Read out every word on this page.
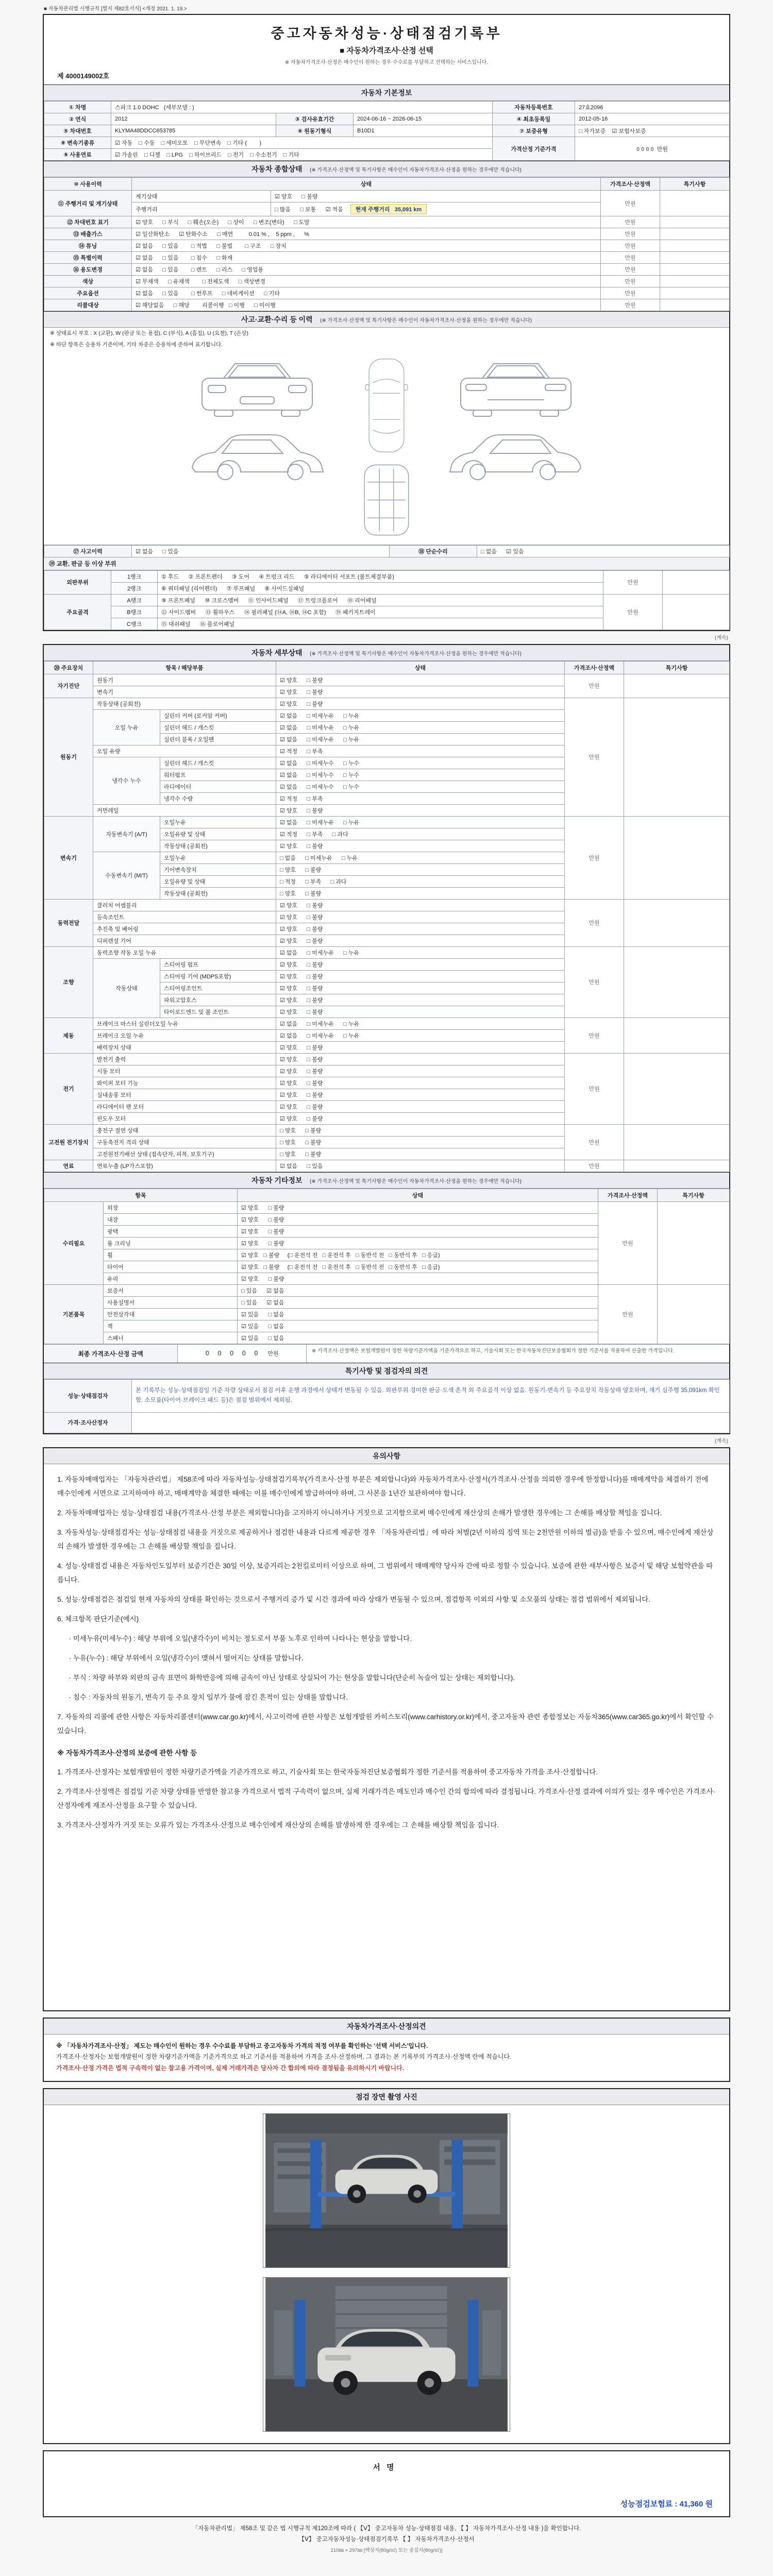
■ 자동차관리법 시행규칙 [별지 제82호서식] <개정 2021. 1. 19.>
중고자동차성능·상태점검기록부
■ 자동차가격조사·산정 선택
※ 자동차가격조사·산정은 매수인이 원하는 경우 수수료를 부담하고 선택하는 서비스입니다.
제 4000149002호
자동차 기본정보
① 차명	스파크 1.0 DOHC   (세부모델 : )			자동차등록번호	27효2096
② 연식	2012	③ 검사유효기간	2024-06-16 ~ 2026-06-15	④ 최초등록일	2012-05-16
⑤ 차대번호	KLYMA48DDCC653785	⑥ 원동기형식	B10D1	⑦ 보증유형	□ 자가보증    ☑ 보험사보증
⑧ 변속기종류	☑ 자동    □ 수동    □ 세미오토    □ 무단변속    □ 기타 (        )			가격산정 기준가격	0 0 0 0  만원
⑨ 사용연료	☑ 가솔린    □ 디젤    □ LPG    □ 하이브리드    □ 전기    □ 수소전기    □ 기타				
자동차 종합상태 (※ 가격조사·산정액 및 특기사항은 매수인이 자동차가격조사·산정을 원하는 경우에만 적습니다)
⑩ 사용이력	상태		가격조사·산정액	특기사항
⑪ 주행거리 및 계기상태	계기상태	☑ 양호      □ 불량	만원	
	주행거리	□ 많음      □ 보통      ☑ 적음 현재 주행거리   35,091 km		
⑫ 차대번호 표기	☑ 양호      □ 부식      □ 훼손(오손)      □ 상이      □ 변조(변타)      □ 도말		만원	
⑬ 배출가스	☑ 일산화탄소      ☑ 탄화수소      □ 매연          0.01 % ,    5 ppm ,      %		만원	
⑭ 튜닝	☑ 없음      □ 있음        □ 적법      □ 불법        □ 구조      □ 장치		만원	
⑮ 특별이력	☑ 없음      □ 있음        □ 침수      □ 화재		만원	
⑯ 용도변경	☑ 없음      □ 있음        □ 렌트      □ 리스      □ 영업용		만원	
색상	☑ 무채색      □ 유채색        □ 전체도색      □ 색상변경		만원	
주요옵션	☑ 없음      □ 있음        □ 썬루프      □ 네비게이션      □ 기타		만원	
리콜대상	☑ 해당없음      □ 해당        리콜이행   □ 이행      □ 미이행		만원	
사고·교환·수리 등 이력 (※ 가격조사·산정액 및 특기사항은 매수인이 자동차가격조사·산정을 원하는 경우에만 적습니다)
※ 상태표시 부호 : X (교환), W (판금 또는 용접), C (부식), A (흠집), U (요철), T (손상)
※ 하단 항목은 승용차 기준이며, 기타 차종은 승용차에 준하여 표기합니다.
⑰ 사고이력	☑ 없음      □ 있음	⑱ 단순수리	□ 없음      ☑ 있음
⑲ 교환, 판금 등 이상 부위
외판부위	1랭크	① 후드      ② 프론트펜더      ③ 도어      ④ 트렁크 리드      ⑤ 라디에이터 서포트 (볼트체결부품)	만원	
	2랭크	⑥ 쿼터패널 (리어펜더)      ⑦ 루프패널      ⑧ 사이드실패널		
주요골격	A랭크	⑨ 프론트패널      ⑩ 크로스멤버      ⑪ 인사이드패널      ⑰ 트렁크플로어      ⑱ 리어패널	만원	
	B랭크	⑫ 사이드멤버      ⑬ 휠하우스      ⑭ 필러패널 (⑭A, ⑭B, ⑭C 포함)      ⑲ 패키지트레이		
	C랭크	⑮ 대쉬패널      ⑯ 플로어패널		
(계속)
자동차 세부상태 (※ 가격조사·산정액 및 특기사항은 매수인이 자동차가격조사·산정을 원하는 경우에만 적습니다)
⑳ 주요장치	항목 / 해당부품		상태	가격조사·산정액	특기사항
자기진단	원동기		☑ 양호      □ 불량	만원	
	변속기		☑ 양호      □ 불량		
원동기	작동상태 (공회전)		☑ 양호      □ 불량	만원	
	오일 누유	실린더 커버 (로커암 커버)	☑ 없음      □ 미세누유      □ 누유		
		실린더 헤드 / 개스킷	☑ 없음      □ 미세누유      □ 누유		
		실린더 블록 / 오일팬	☑ 없음      □ 미세누유      □ 누유		
	오일 유량		☑ 적정      □ 부족		
	냉각수 누수	실린더 헤드 / 개스킷	☑ 없음      □ 미세누수      □ 누수		
		워터펌프	☑ 없음      □ 미세누수      □ 누수		
		라디에이터	☑ 없음      □ 미세누수      □ 누수		
		냉각수 수량	☑ 적정      □ 부족		
	커먼레일		☑ 양호      □ 불량		
변속기	자동변속기 (A/T)	오일누유	☑ 없음      □ 미세누유      □ 누유	만원	
		오일유량 및 상태	☑ 적정      □ 부족      □ 과다		
		작동상태 (공회전)	☑ 양호      □ 불량		
	수동변속기 (M/T)	오일누유	□ 없음      □ 미세누유      □ 누유		
		기어변속장치	□ 양호      □ 불량		
		오일유량 및 상태	□ 적정      □ 부족      □ 과다		
		작동상태 (공회전)	□ 양호      □ 불량		
동력전달	클러치 어셈블리		☑ 양호      □ 불량	만원	
	등속조인트		☑ 양호      □ 불량		
	추진축 및 베어링		☑ 양호      □ 불량		
	디퍼렌셜 기어		☑ 양호      □ 불량		
조향	동력조향 작동 오일 누유		☑ 없음      □ 미세누유      □ 누유	만원	
	작동상태	스티어링 펌프	☑ 양호      □ 불량		
		스티어링 기어 (MDPS포함)	☑ 양호      □ 불량		
		스티어링조인트	☑ 양호      □ 불량		
		파워고압호스	☑ 양호      □ 불량		
		타이로드엔드 및 볼 조인트	☑ 양호      □ 불량		
제동	브레이크 마스터 실린더오일 누유		☑ 없음      □ 미세누유      □ 누유	만원	
	브레이크 오일 누유		☑ 없음      □ 미세누유      □ 누유		
	배력장치 상태		☑ 양호      □ 불량		
전기	발전기 출력		☑ 양호      □ 불량	만원	
	시동 모터		☑ 양호      □ 불량		
	와이퍼 모터 기능		☑ 양호      □ 불량		
	실내송풍 모터		☑ 양호      □ 불량		
	라디에이터 팬 모터		☑ 양호      □ 불량		
	윈도우 모터		☑ 양호      □ 불량		
고전원 전기장치	충전구 절연 상태		□ 양호      □ 불량	만원	
	구동축전지 격리 상태		□ 양호      □ 불량		
	고전원전기배선 상태 (접속단자, 피복, 보호기구)		□ 양호      □ 불량		
연료	연료누출 (LP가스포함)		☑ 없음      □ 있음	만원	
자동차 기타정보 (※ 가격조사·산정액 및 특기사항은 매수인이 자동차가격조사·산정을 원하는 경우에만 적습니다)
항목		상태	가격조사·산정액	특기사항
수리필요	외장	☑ 양호      □ 불량	만원	
	내장	☑ 양호      □ 불량		
	광택	☑ 양호      □ 불량		
	룸 크리닝	☑ 양호      □ 불량		
	휠	☑ 양호   □ 불량     (□ 운전석 전   □ 운전석 후   □ 동반석 전   □ 동반석 후   □ 응급)		
	타이어	☑ 양호   □ 불량     (□ 운전석 전   □ 운전석 후   □ 동반석 전   □ 동반석 후   □ 응급)		
	유리	☑ 양호      □ 불량		
기본품목	보증서	□ 있음      ☑ 없음	만원	
	사용설명서	□ 있음      ☑ 없음		
	안전삼각대	☑ 있음      □ 없음		
	잭	☑ 있음      □ 없음		
	스패너	☑ 있음      □ 없음		
최종 가격조사·산정 금액	0 0 0 0 0 만원	※ 가격조사·산정액은 보험개발원이 정한 차량기준가액을 기준가격으로 하고, 기술사회 또는 한국자동차진단보증협회가 정한 기준서를 적용하여 산출한 가격입니다.
특기사항 및 점검자의 의견
성능·상태점검자	본 기록부는 성능·상태점검일 기준 차량 상태로서 점검 이후 운행 과정에서 상태가 변동될 수 있음. 외판부위 경미한 판금·도색 흔적 외 주요골격 이상 없음. 원동기·변속기 등 주요장치 작동상태 양호하며, 계기 실주행 35,091km 확인함. 소모품(타이어·브레이크 패드 등)은 점검 범위에서 제외됨.
가격·조사산정자	
(계속)
유의사항
1. 자동차매매업자는 「자동차관리법」 제58조에 따라 자동차성능·상태점검기록부(가격조사·산정 부분은 제외합니다)와 자동차가격조사·산정서(가격조사·산정을 의뢰한 경우에 한정합니다)를 매매계약을 체결하기 전에 매수인에게 서면으로 고지하여야 하고, 매매계약을 체결한 때에는 이를 매수인에게 발급하여야 하며, 그 사본을 1년간 보관하여야 합니다.
2. 자동차매매업자는 성능·상태점검 내용(가격조사·산정 부분은 제외합니다)을 고지하지 아니하거나 거짓으로 고지함으로써 매수인에게 재산상의 손해가 발생한 경우에는 그 손해를 배상할 책임을 집니다.
3. 자동차성능·상태점검자는 성능·상태점검 내용을 거짓으로 제공하거나 점검한 내용과 다르게 제공한 경우 「자동차관리법」에 따라 처벌(2년 이하의 징역 또는 2천만원 이하의 벌금)을 받을 수 있으며, 매수인에게 재산상의 손해가 발생한 경우에는 그 손해를 배상할 책임을 집니다.
4. 성능·상태점검 내용은 자동차인도일부터 보증기간은 30일 이상, 보증거리는 2천킬로미터 이상으로 하며, 그 범위에서 매매계약 당사자 간에 따로 정할 수 있습니다. 보증에 관한 세부사항은 보증서 및 해당 보험약관을 따릅니다.
5. 성능·상태점검은 점검일 현재 자동차의 상태를 확인하는 것으로서 주행거리 증가 및 시간 경과에 따라 상태가 변동될 수 있으며, 점검항목 이외의 사항 및 소모품의 상태는 점검 범위에서 제외됩니다.
6. 체크항목 판단기준(예시)
· 미세누유(미세누수) : 해당 부위에 오일(냉각수)이 비치는 정도로서 부품 노후로 인하여 나타나는 현상을 말합니다.
· 누유(누수) : 해당 부위에서 오일(냉각수)이 맺혀서 떨어지는 상태를 말합니다.
· 부식 : 차량 하부와 외판의 금속 표면이 화학반응에 의해 금속이 아닌 상태로 상실되어 가는 현상을 말합니다(단순히 녹슬어 있는 상태는 제외합니다).
· 침수 : 자동차의 원동기, 변속기 등 주요 장치 일부가 물에 잠긴 흔적이 있는 상태를 말합니다.
7. 자동차의 리콜에 관한 사항은 자동차리콜센터(www.car.go.kr)에서, 사고이력에 관한 사항은 보험개발원 카히스토리(www.carhistory.or.kr)에서, 중고자동차 관련 종합정보는 자동차365(www.car365.go.kr)에서 확인할 수 있습니다.
※ 자동차가격조사·산정의 보증에 관한 사항 등
1. 가격조사·산정자는 보험개발원이 정한 차량기준가액을 기준가격으로 하고, 기술사회 또는 한국자동차진단보증협회가 정한 기준서를 적용하여 중고자동차 가격을 조사·산정합니다.
2. 가격조사·산정액은 점검일 기준 차량 상태를 반영한 참고용 가격으로서 법적 구속력이 없으며, 실제 거래가격은 매도인과 매수인 간의 합의에 따라 결정됩니다. 가격조사·산정 결과에 이의가 있는 경우 매수인은 가격조사·산정자에게 재조사·산정을 요구할 수 있습니다.
3. 가격조사·산정자가 거짓 또는 오류가 있는 가격조사·산정으로 매수인에게 재산상의 손해를 발생하게 한 경우에는 그 손해를 배상할 책임을 집니다.
자동차가격조사·산정의견
※ 「자동차가격조사·산정」 제도는 매수인이 원하는 경우 수수료를 부담하고 중고자동차 가격의 적정 여부를 확인하는 '선택 서비스'입니다.
가격조사·산정자는 보험개발원이 정한 차량기준가액을 기준가격으로 하고 기준서를 적용하여 가격을 조사·산정하며, 그 결과는 본 기록부의 가격조사·산정액 란에 적습니다.
가격조사·산정 가격은 법적 구속력이 없는 참고용 가격이며, 실제 거래가격은 당사자 간 합의에 따라 결정됨을 유의하시기 바랍니다.
점검 장면 촬영 사진
서명
성능점검보험료 : 41,360 원
「자동차관리법」 제58조 및 같은 법 시행규칙 제120조에 따라 ( 【Ⅴ】 중고자동차 성능·상태점검 내용, 【 】 자동차가격조사·산정 내용 )을 확인합니다.
【Ⅴ】 중고자동차성능·상태점검기록부 【 】 자동차가격조사·산정서
210㎜ × 297㎜ [백상지(80g/㎡) 또는 중질지(80g/㎡)]
